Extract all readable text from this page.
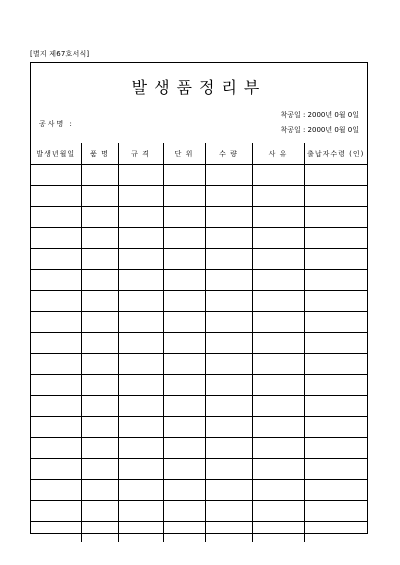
[별지 제67호서식]
발생품정리부
공사명 :
착공일 : 2000년 0월 0일
착공일 : 2000년 0월 0일
발생년월일	품 명	규 격	단 위	수 량	사 유	출납자수령 (인)
